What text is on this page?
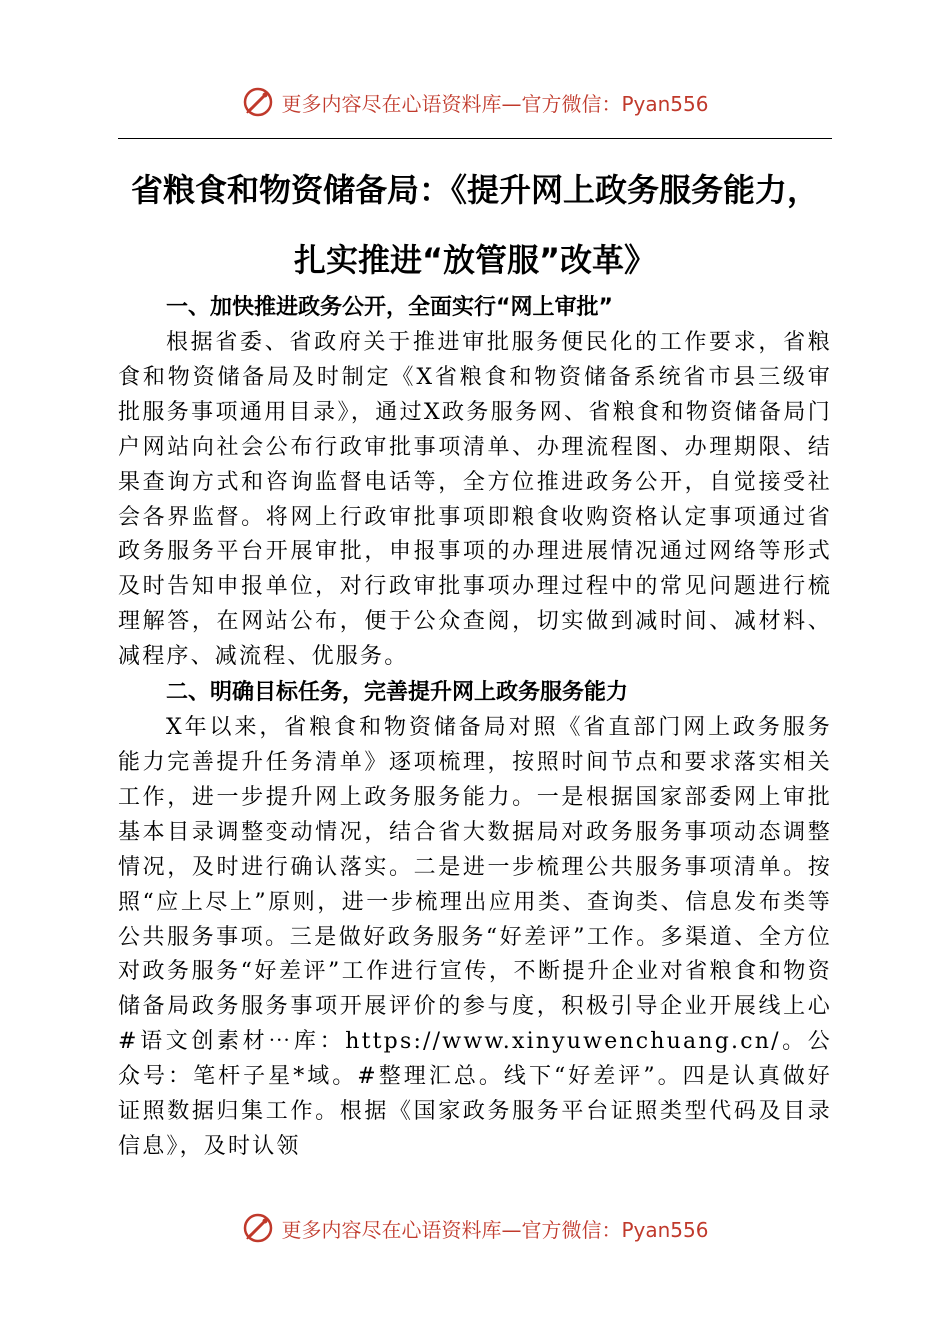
更多内容尽在心语资料库—官方微信：Pyan556
省粮食和物资储备局：《提升网上政务服务能力，扎实推进“放管服”改革》

一、加快推进政务公开，全面实行“网上审批”

根据省委、省政府关于推进审批服务便民化的工作要求，省粮食和物资储备局及时制定《X省粮食和物资储备系统省市县三级审批服务事项通用目录》，通过X政务服务网、省粮食和物资储备局门户网站向社会公布行政审批事项清单、办理流程图、办理期限、结果查询方式和咨询监督电话等，全方位推进政务公开，自觉接受社会各界监督。将网上行政审批事项即粮食收购资格认定事项通过省政务服务平台开展审批，申报事项的办理进展情况通过网络等形式及时告知申报单位，对行政审批事项办理过程中的常见问题进行梳理解答，在网站公布，便于公众查阅，切实做到减时间、减材料、减程序、减流程、优服务。

二、明确目标任务，完善提升网上政务服务能力

X年以来，省粮食和物资储备局对照《省直部门网上政务服务能力完善提升任务清单》逐项梳理，按照时间节点和要求落实相关工作，进一步提升网上政务服务能力。一是根据国家部委网上审批基本目录调整变动情况，结合省大数据局对政务服务事项动态调整情况，及时进行确认落实。二是进一步梳理公共服务事项清单。按照“应上尽上”原则，进一步梳理出应用类、查询类、信息发布类等公共服务事项。三是做好政务服务“好差评”工作。多渠道、全方位对政务服务“好差评”工作进行宣传，不断提升企业对省粮食和物资储备局政务服务事项开展评价的参与度，积极引导企业开展线上心#语文创素材⋯库：https://www.xinyuwenchuang.cn/。公众号：笔杆子星*域。#整理汇总。线下“好差评”。四是认真做好证照数据归集工作。根据《国家政务服务平台证照类型代码及目录信息》，及时认领

更多内容尽在心语资料库—官方微信：Pyan556
